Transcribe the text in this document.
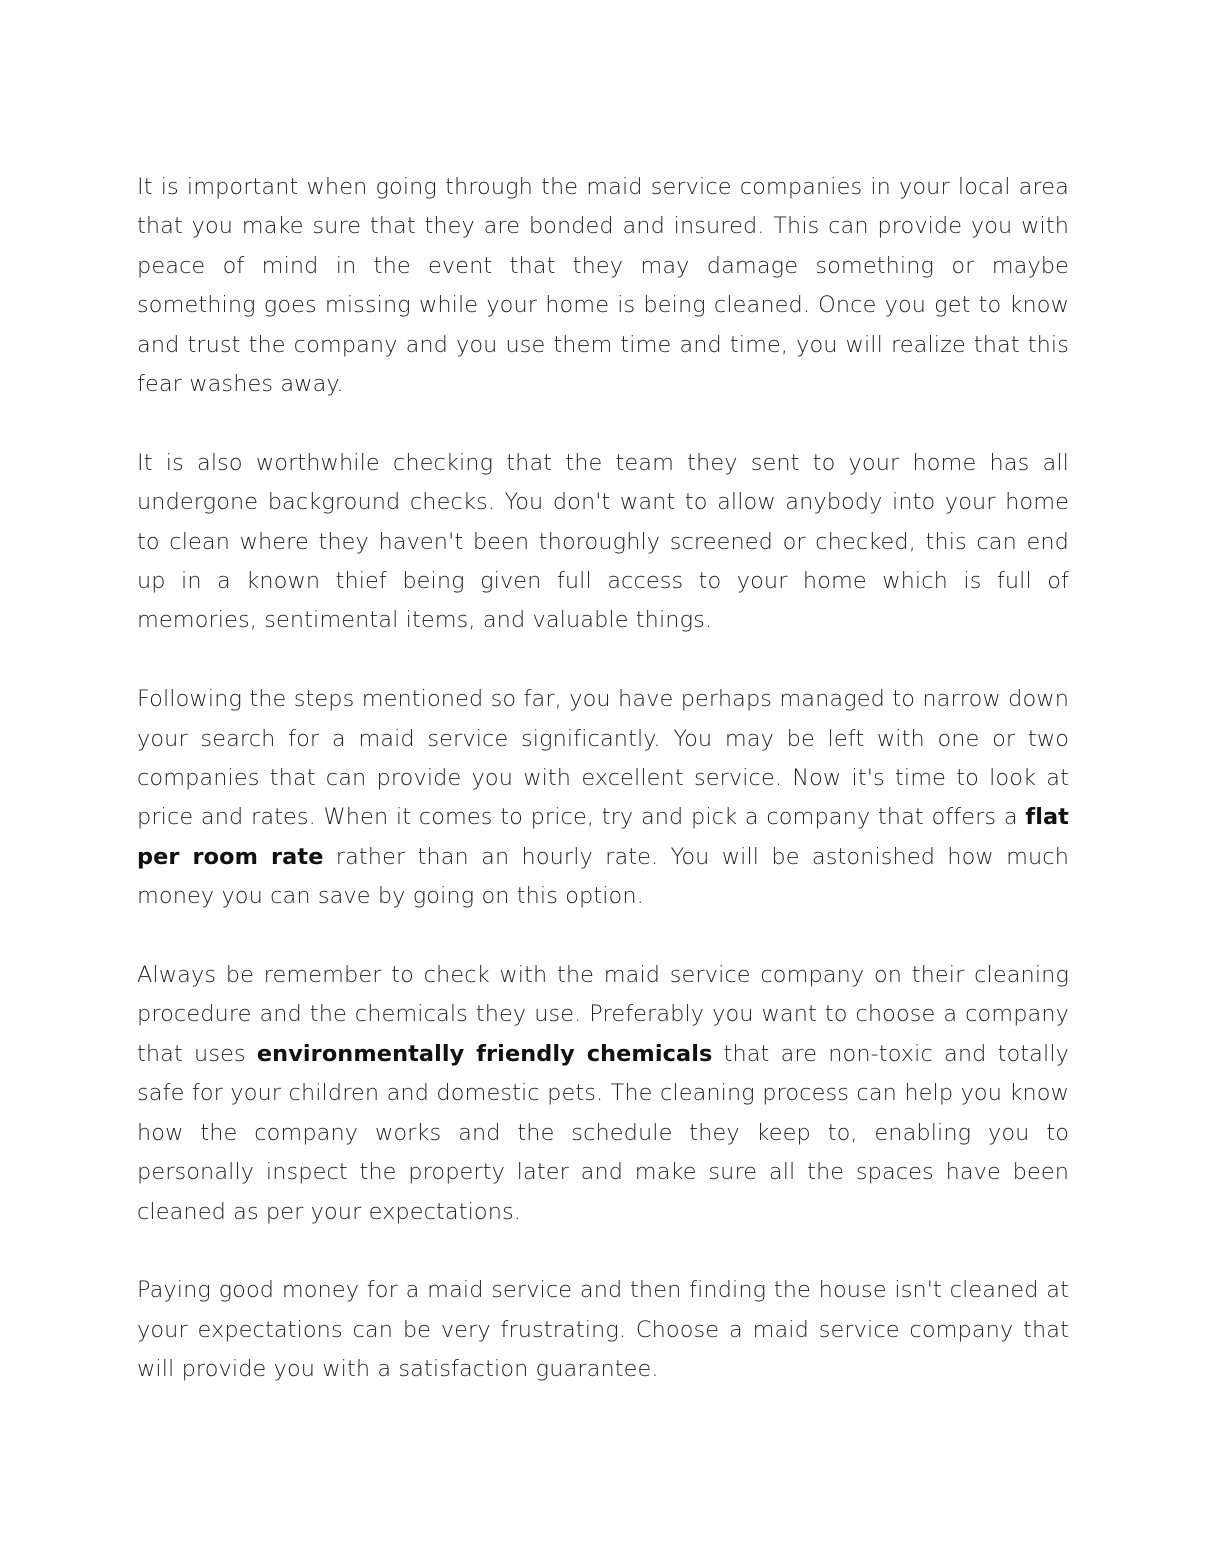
It is important when going through the maid service companies in your local area that you make sure that they are bonded and insured. This can provide you with peace of mind in the event that they may damage something or maybe something goes missing while your home is being cleaned. Once you get to know and trust the company and you use them time and time, you will realize that this fear washes away.

It is also worthwhile checking that the team they sent to your home has all undergone background checks. You don't want to allow anybody into your home to clean where they haven't been thoroughly screened or checked, this can end up in a known thief being given full access to your home which is full of memories, sentimental items, and valuable things.

Following the steps mentioned so far, you have perhaps managed to narrow down your search for a maid service significantly. You may be left with one or two companies that can provide you with excellent service. Now it's time to look at price and rates. When it comes to price, try and pick a company that offers a flat per room rate rather than an hourly rate. You will be astonished how much money you can save by going on this option.

Always be remember to check with the maid service company on their cleaning procedure and the chemicals they use. Preferably you want to choose a company that uses environmentally friendly chemicals that are non-toxic and totally safe for your children and domestic pets. The cleaning process can help you know how the company works and the schedule they keep to, enabling you to personally inspect the property later and make sure all the spaces have been cleaned as per your expectations.

Paying good money for a maid service and then finding the house isn't cleaned at your expectations can be very frustrating. Choose a maid service company that will provide you with a satisfaction guarantee.
